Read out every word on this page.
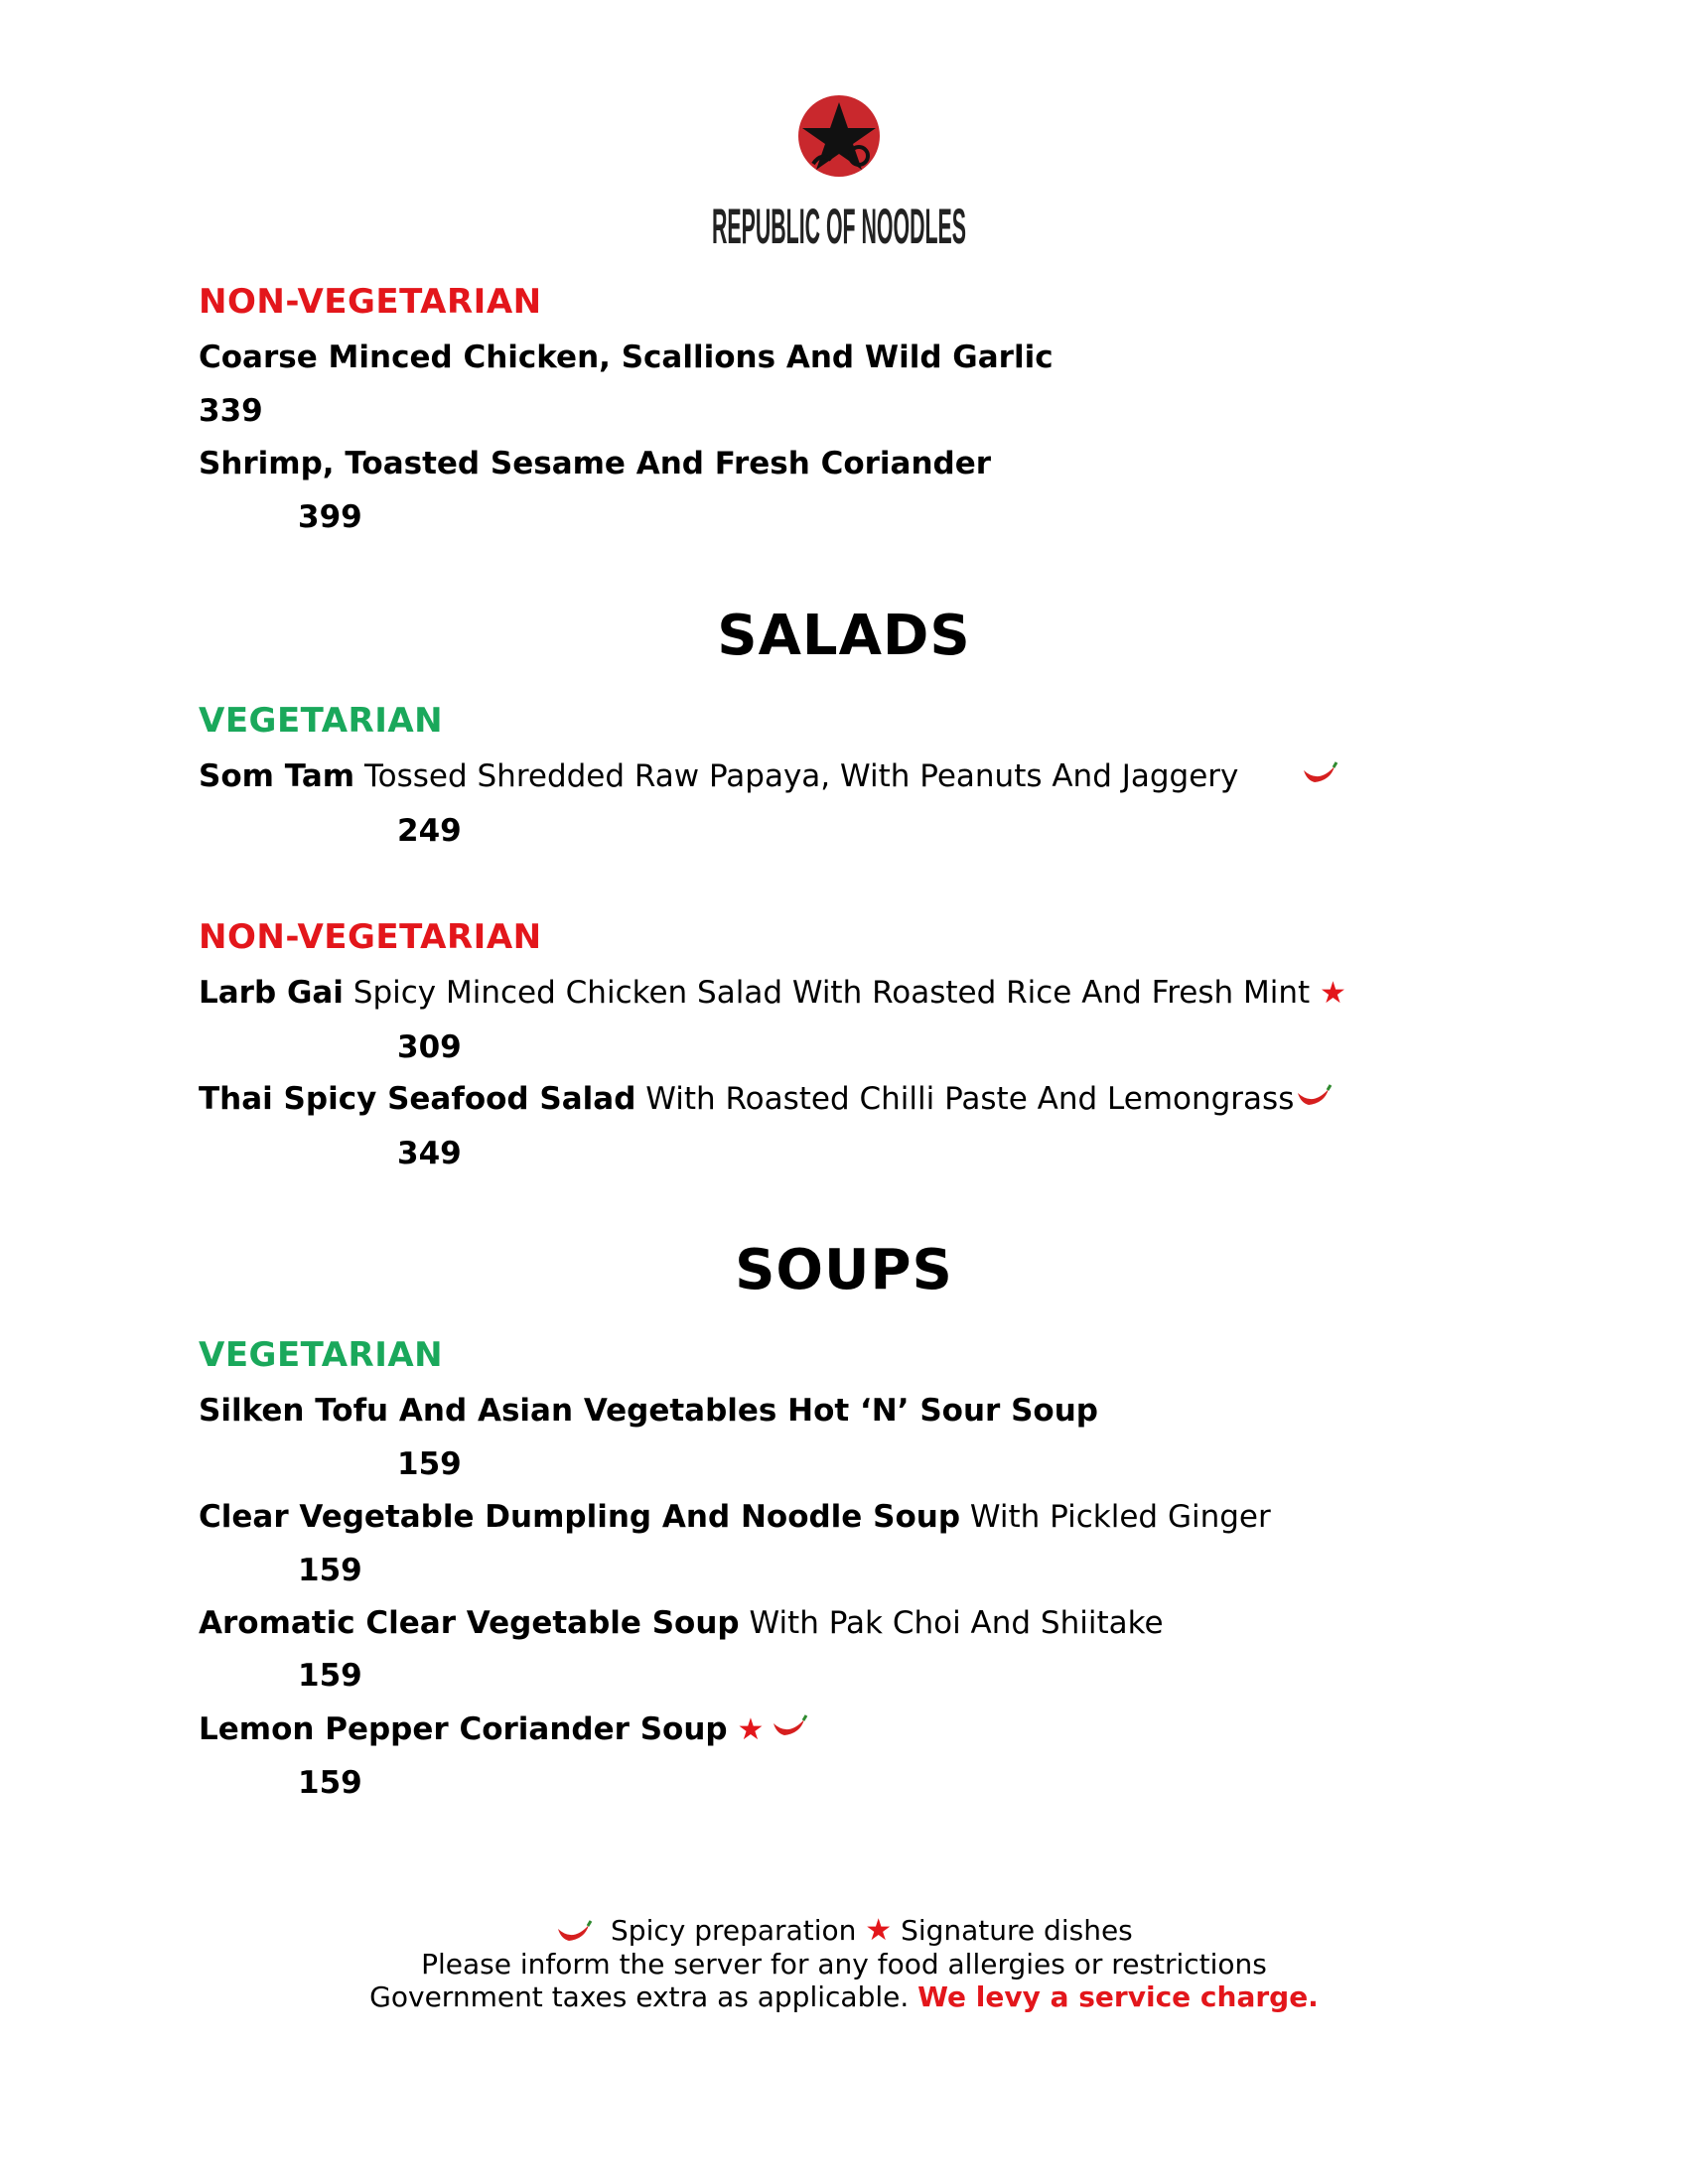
REPUBLIC OF NOODLES
NON-VEGETARIAN
Coarse Minced Chicken, Scallions And Wild Garlic
339
Shrimp, Toasted Sesame And Fresh Coriander
399
SALADS
VEGETARIAN
Som Tam Tossed Shredded Raw Papaya, With Peanuts And Jaggery
249
NON-VEGETARIAN
Larb Gai Spicy Minced Chicken Salad With Roasted Rice And Fresh Mint ★
309
Thai Spicy Seafood Salad With Roasted Chilli Paste And Lemongrass
349
SOUPS
VEGETARIAN
Silken Tofu And Asian Vegetables Hot ‘N’ Sour Soup
159
Clear Vegetable Dumpling And Noodle Soup With Pickled Ginger
159
Aromatic Clear Vegetable Soup With Pak Choi And Shiitake
159
Lemon Pepper Coriander Soup ★
159
Spicy preparation ★ Signature dishes
Please inform the server for any food allergies or restrictions
Government taxes extra as applicable. We levy a service charge.
